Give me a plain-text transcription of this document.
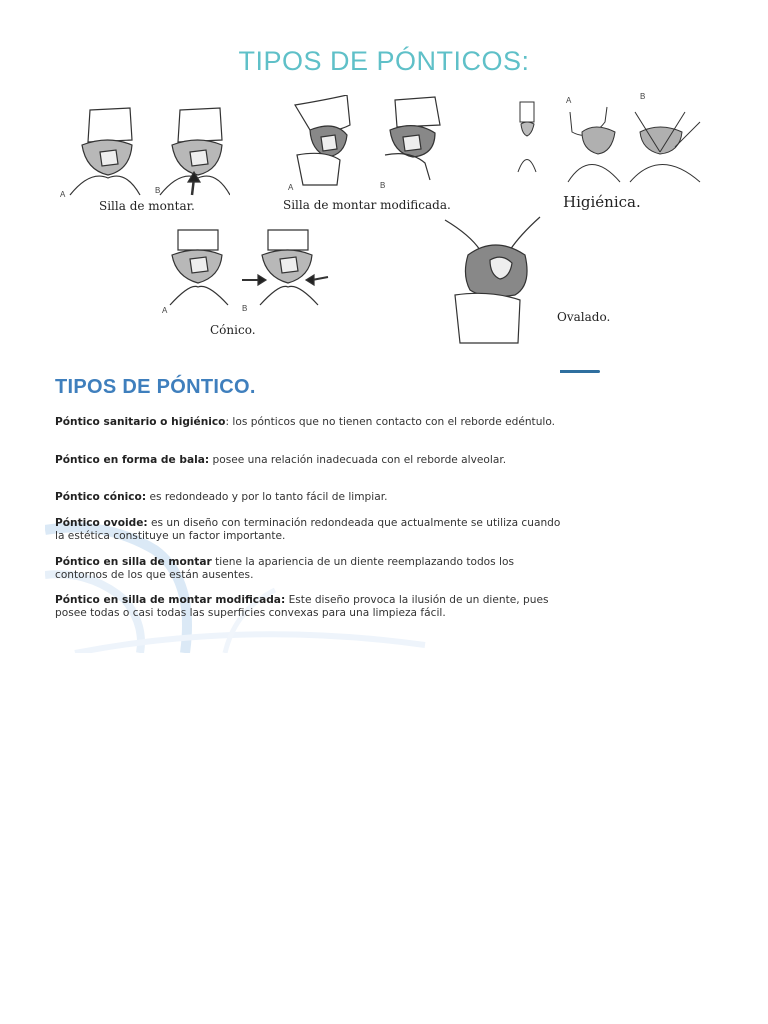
TIPOS DE PÓNTICOS:
A	B

Silla de montar.

A	B

Silla de montar modificada.

A	B

Higiénica.

A	B

Cónico.

Ovalado.

TIPOS DE PÓNTICO.

Póntico sanitario o higiénico: los pónticos que no tienen contacto con el reborde edéntulo.

Póntico en forma de bala: posee una relación inadecuada con el reborde alveolar.

Póntico cónico: es redondeado y por lo tanto fácil de limpiar.

Póntico ovoide: es un diseño con terminación redondeada que actualmente se utiliza cuando la estética constituye un factor importante.

Póntico en silla de montar tiene la apariencia de un diente reemplazando todos los contornos de los que están ausentes.

Póntico en silla de montar modificada: Este diseño provoca la ilusión de un diente, pues posee todas o casi todas las superficies convexas para una limpieza fácil.
